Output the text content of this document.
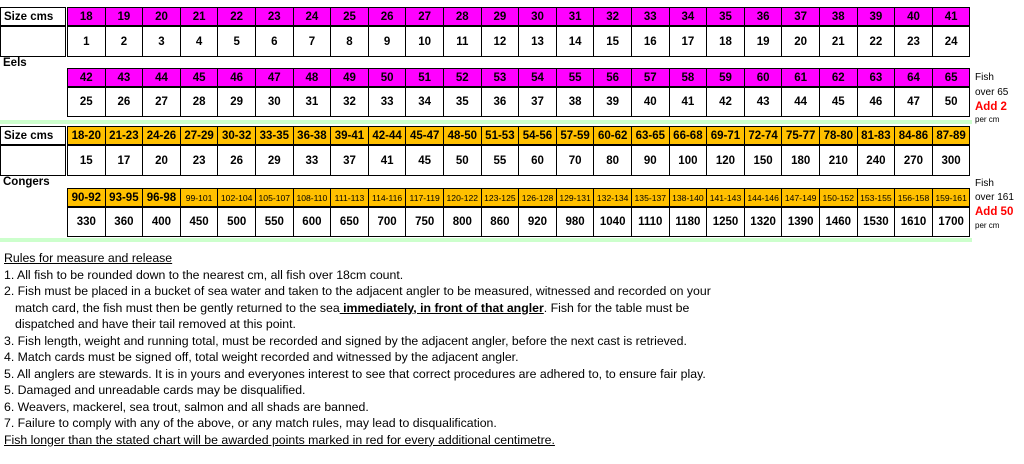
Size cms	18	19	20	21	22	23	24	25	26	27	28	29	30	31	32	33	34	35	36	37	38	39	40	41
1	2	3	4	5	6	7	8	9	10	11	12	13	14	15	16	17	18	19	20	21	22	23	24
Eels
42	43	44	45	46	47	48	49	50	51	52	53	54	55	56	57	58	59	60	61	62	63	64	65
25	26	27	28	29	30	31	32	33	34	35	36	37	38	39	40	41	42	43	44	45	46	47	50
Fish
over 65
Add 2
per cm
Size cms	18-20 21-23 24-26 27-29 30-32 33-35 36-38 39-41 42-44 45-47 48-50 51-53 54-56 57-59 60-62 63-65 66-68 69-71 72-74 75-77 78-80 81-83 84-86 87-89
15	17	20	23	26	29	33	37	41	45	50	55	60	70	80	90	100	120	150	180	210	240	270	300
Congers
90-92 93-95 96-98	99-101 102-104 105-107 108-110 111-113 114-116 117-119 120-122 123-125 126-128 129-131 132-134 135-137 138-140 141-143 144-146 147-149 150-152 153-155 156-158 159-161
330	360	400	450	500	550	600	650	700	750	800	860	920	980	1040	1110	1180	1250	1320	1390	1460	1530	1610	1700
Fish
over 161
Add 50
per cm
Rules for measure and release
1. All fish to be rounded down to the nearest cm, all fish over 18cm count.
2. Fish must be placed in a bucket of sea water and taken to the adjacent angler to be measured, witnessed and recorded on your
match card, the fish must then be gently returned to the sea immediately, in front of that angler. Fish for the table must be
dispatched and have their tail removed at this point.
3. Fish length, weight and running total, must be recorded and signed by the adjacent angler, before the next cast is retrieved.
4. Match cards must be signed off, total weight recorded and witnessed by the adjacent angler.
5. All anglers are stewards. It is in yours and everyones interest to see that correct procedures are adhered to, to ensure fair play.
5. Damaged and unreadable cards may be disqualified.
6. Weavers, mackerel, sea trout, salmon and all shads are banned.
7. Failure to comply with any of the above, or any match rules, may lead to disqualification.
Fish longer than the stated chart will be awarded points marked in red for every additional centimetre.
